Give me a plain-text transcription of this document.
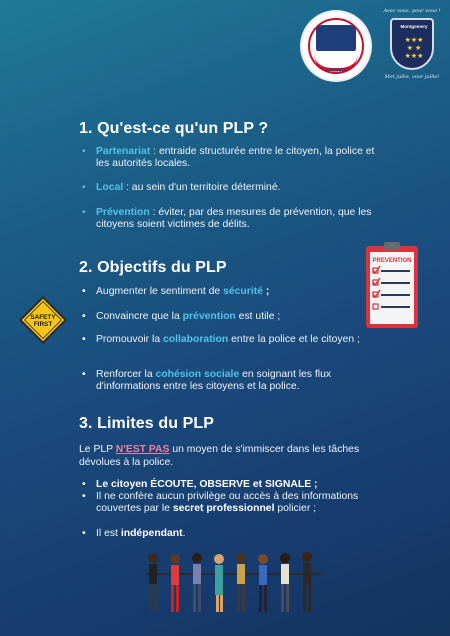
SÉCURITÉ
Avec vous, pour vous !
Montgomery
★★★
★ ★
★★★
Met jullie, voor jullie!
1. Qu'est-ce qu'un PLP ?
• Partenariat : entraide structurée entre le citoyen, la police et les autorités locales.
• Local : au sein d'un territoire déterminé.
• Prévention : éviter, par des mesures de prévention, que les citoyens soient victimes de délits.
2. Objectifs du PLP
• Augmenter le sentiment de sécurité ;
• Convaincre que la prévention est utile ;
• Promouvoir la collaboration entre la police et le citoyen ;
• Renforcer la cohésion sociale en soignant les flux d'informations entre les citoyens et la police.
3. Limites du PLP
Le PLP N'EST PAS un moyen de s'immiscer dans les tâches dévolues à la police.
• Le citoyen ÉCOUTE, OBSERVE et SIGNALE ;
• Il ne confère aucun privilège ou accès à des informations couvertes par le secret professionnel policier ;
• Il est indépendant.
SAFETY
FIRST
PREVENTION
